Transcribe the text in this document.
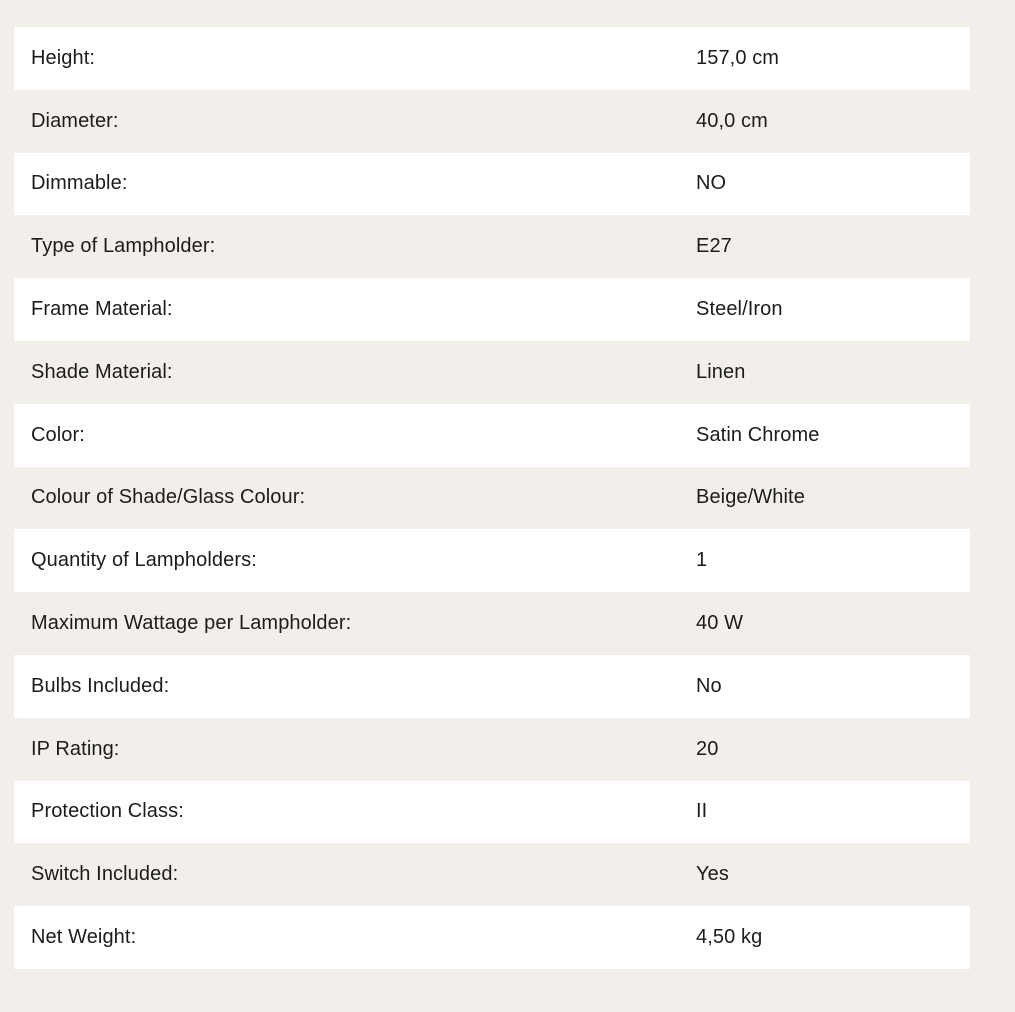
Height:	157,0 cm
Diameter:	40,0 cm
Dimmable:	NO
Type of Lampholder:	E27
Frame Material:	Steel/Iron
Shade Material:	Linen
Color:	Satin Chrome
Colour of Shade/Glass Colour:	Beige/White
Quantity of Lampholders:	1
Maximum Wattage per Lampholder:	40 W
Bulbs Included:	No
IP Rating:	20
Protection Class:	II
Switch Included:	Yes
Net Weight:	4,50 kg
